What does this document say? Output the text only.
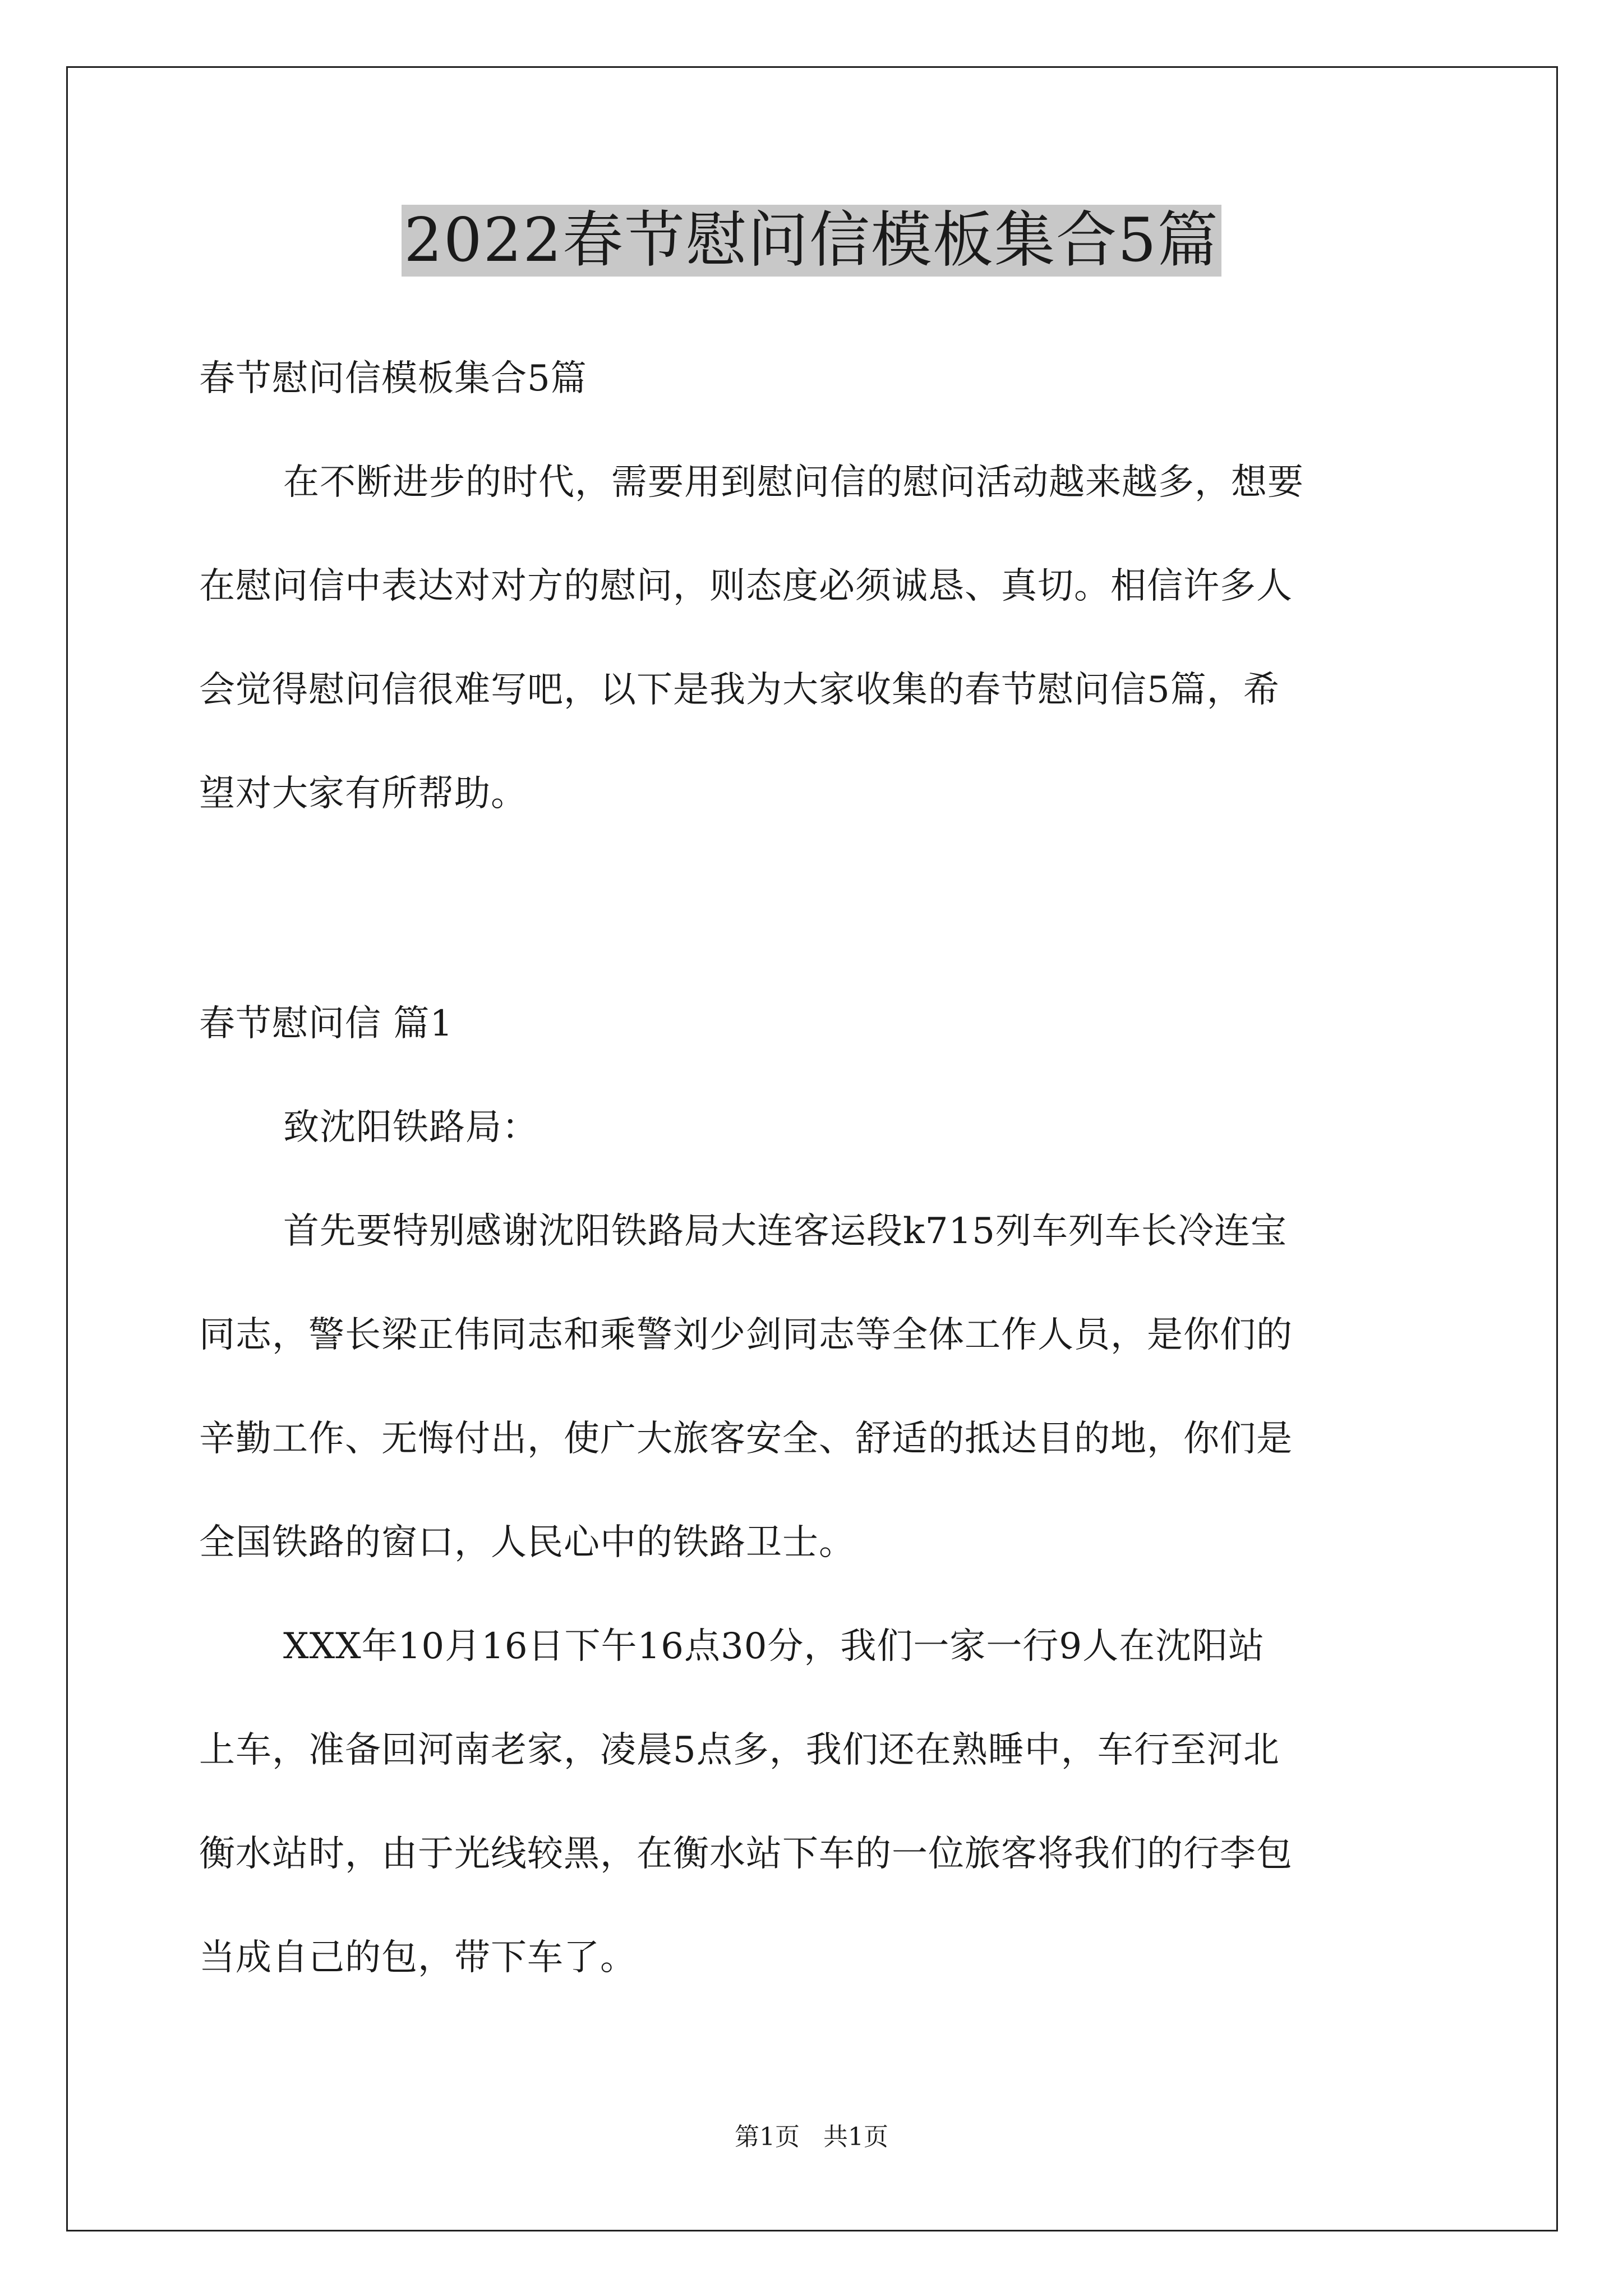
2022春节慰问信模板集合5篇
春节慰问信模板集合5篇
在不断进步的时代，需要用到慰问信的慰问活动越来越多，想要
在慰问信中表达对对方的慰问，则态度必须诚恳、真切。相信许多人
会觉得慰问信很难写吧，以下是我为大家收集的春节慰问信5篇，希
望对大家有所帮助。
春节慰问信 篇1
致沈阳铁路局：
首先要特别感谢沈阳铁路局大连客运段k715列车列车长冷连宝
同志，警长梁正伟同志和乘警刘少剑同志等全体工作人员，是你们的
辛勤工作、无悔付出，使广大旅客安全、舒适的抵达目的地，你们是
全国铁路的窗口，人民心中的铁路卫士。
XXX年10月16日下午16点30分，我们一家一行9人在沈阳站
上车，准备回河南老家，凌晨5点多，我们还在熟睡中，车行至河北
衡水站时，由于光线较黑，在衡水站下车的一位旅客将我们的行李包
当成自己的包，带下车了。
第1页 共1页
